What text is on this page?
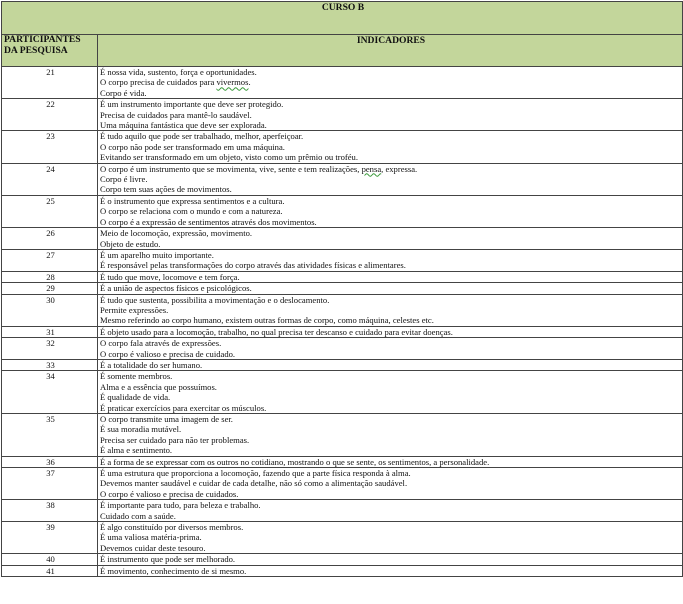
CURSO B	

PARTICIPANTES
DA PESQUISA	INDICADORES
21	É nossa vida, sustento, força e oportunidades.
O corpo precisa de cuidados para vivermos.
Corpo é vida.

22	É um instrumento importante que deve ser protegido.
Precisa de cuidados para mantê-lo saudável.
Uma máquina fantástica que deve ser explorada.

23	É tudo aquilo que pode ser trabalhado, melhor, aperfeiçoar.
O corpo não pode ser transformado em uma máquina.
Evitando ser transformado em um objeto, visto como um prêmio ou troféu.

24	O corpo é um instrumento que se movimenta, vive, sente e tem realizações, pensa, expressa.
Corpo é livre.
Corpo tem suas ações de movimentos.

25	É o instrumento que expressa sentimentos e a cultura.
O corpo se relaciona com o mundo e com a natureza.
O corpo é a expressão de sentimentos através dos movimentos.

26	Meio de locomoção, expressão, movimento.
Objeto de estudo.

27	É um aparelho muito importante.
É responsável pelas transformações do corpo através das atividades físicas e alimentares.

28	É tudo que move, locomove e tem força.

29	É a união de aspectos físicos e psicológicos.

30	É tudo que sustenta, possibilita a movimentação e o deslocamento.
Permite expressões.
Mesmo referindo ao corpo humano, existem outras formas de corpo, como máquina, celestes etc.

31	É objeto usado para a locomoção, trabalho, no qual precisa ter descanso e cuidado para evitar doenças.

32	O corpo fala através de expressões.
O corpo é valioso e precisa de cuidado.

33	É a totalidade do ser humano.

34	É somente membros.
Alma e a essência que possuímos.
É qualidade de vida.
É praticar exercícios para exercitar os músculos.

35	O corpo transmite uma imagem de ser.
É sua moradia mutável.
Precisa ser cuidado para não ter problemas.
É alma e sentimento.

36	É a forma de se expressar com os outros no cotidiano, mostrando o que se sente, os sentimentos, a personalidade.

37	É uma estrutura que proporciona a locomoção, fazendo que a parte física responda à alma.
Devemos manter saudável e cuidar de cada detalhe, não só como a alimentação saudável.
O corpo é valioso e precisa de cuidados.

38	É importante para tudo, para beleza e trabalho.
Cuidado com a saúde.

39	É algo constituído por diversos membros.
É uma valiosa matéria-prima.
Devemos cuidar deste tesouro.

40	É instrumento que pode ser melhorado.

41	É movimento, conhecimento de si mesmo.
